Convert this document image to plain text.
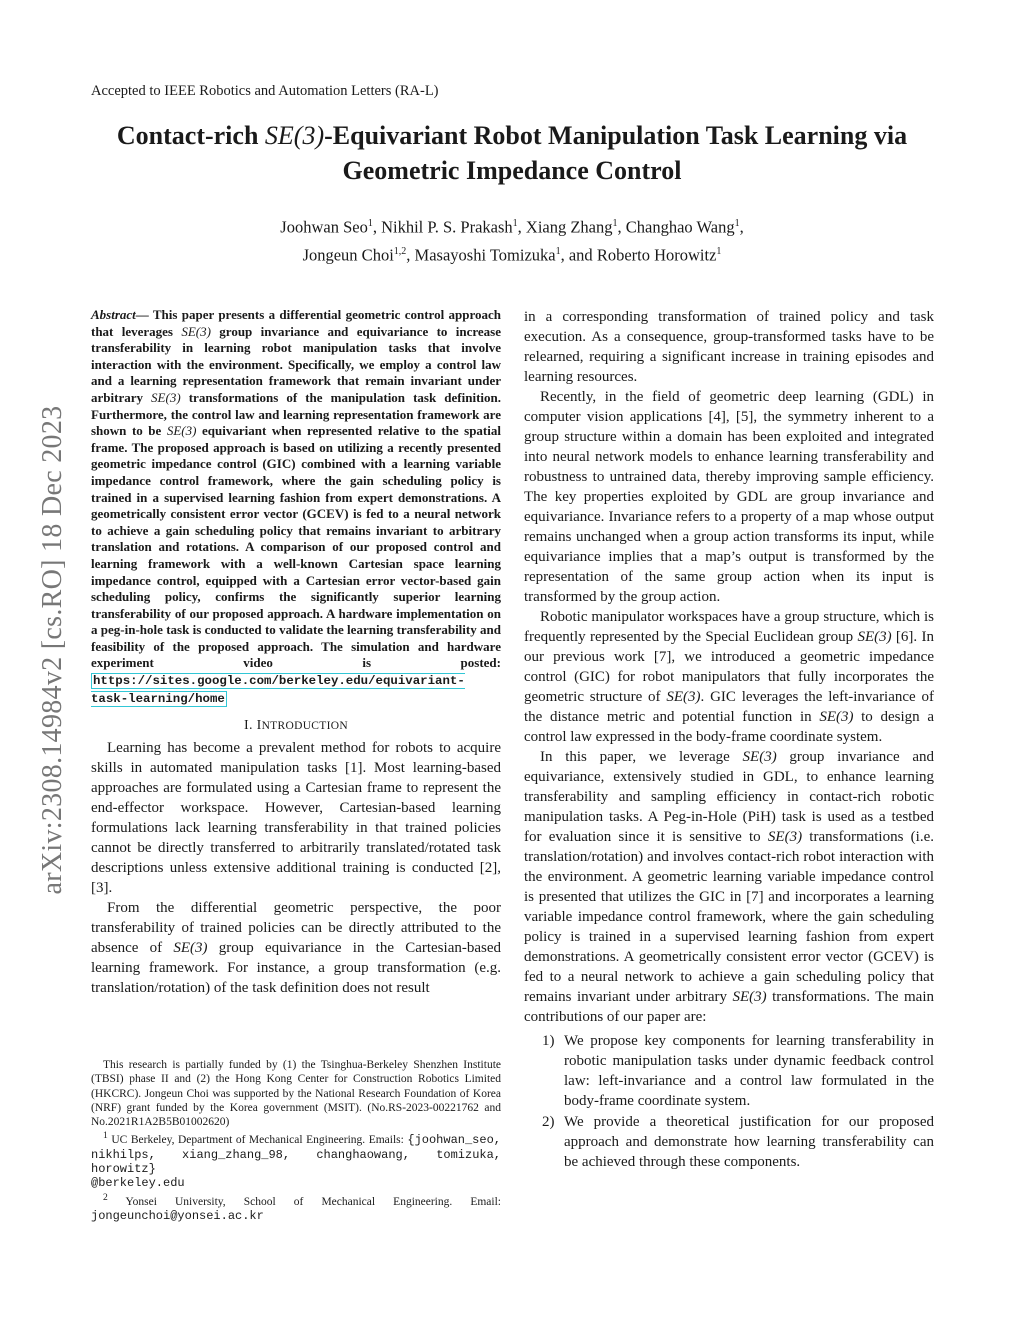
Accepted to IEEE Robotics and Automation Letters (RA-L)
Contact-rich SE(3)-Equivariant Robot Manipulation Task Learning via
Geometric Impedance Control
Joohwan Seo$^1$, Nikhil P. S. Prakash$^1$, Xiang Zhang$^1$, Changhao Wang$^1$,
Jongeun Choi$^{1,2}$, Masayoshi Tomizuka$^1$, and Roberto Horowitz$^1$
arXiv:2308.14984v2 [cs.RO] 18 Dec 2023

Abstract— This paper presents a differential geometric control approach that leverages SE(3) group invariance and equivariance to increase transferability in learning robot manipulation tasks that involve interaction with the environment. Specifically, we employ a control law and a learning representation framework that remain invariant under arbitrary SE(3) transformations of the manipulation task definition. Furthermore, the control law and learning representation framework are shown to be SE(3) equivariant when represented relative to the spatial frame. The proposed approach is based on utilizing a recently presented geometric impedance control (GIC) combined with a learning variable impedance control framework, where the gain scheduling policy is trained in a supervised learning fashion from expert demonstrations. A geometrically consistent error vector (GCEV) is fed to a neural network to achieve a gain scheduling policy that remains invariant to arbitrary translation and rotations. A comparison of our proposed control and learning framework with a well-known Cartesian space learning impedance control, equipped with a Cartesian error vector-based gain scheduling policy, confirms the significantly superior learning transferability of our proposed approach. A hardware implementation on a peg-in-hole task is conducted to validate the learning transferability and feasibility of the proposed approach. The simulation and hardware experiment video is posted: https://sites.google.com/berkeley.edu/equivariant-task-learning/home

I. INTRODUCTION

Learning has become a prevalent method for robots to acquire skills in automated manipulation tasks [1]. Most learning-based approaches are formulated using a Cartesian frame to represent the end-effector workspace. However, Cartesian-based learning formulations lack learning transferability in that trained policies cannot be directly transferred to arbitrarily translated/rotated task descriptions unless extensive additional training is conducted [2], [3].

From the differential geometric perspective, the poor transferability of trained policies can be directly attributed to the absence of SE(3) group equivariance in the Cartesian-based learning framework. For instance, a group transformation (e.g. translation/rotation) of the task definition does not result

This research is partially funded by (1) the Tsinghua-Berkeley Shenzhen Institute (TBSI) phase II and (2) the Hong Kong Center for Construction Robotics Limited (HKCRC). Jongeun Choi was supported by the National Research Foundation of Korea (NRF) grant funded by the Korea government (MSIT). (No.RS-2023-00221762 and No.2021R1A2B5B01002620)

$^1$ UC Berkeley, Department of Mechanical Engineering. Emails: {joohwan_seo, nikhilps, xiang_zhang_98, changhaowang, tomizuka, horowitz}
@berkeley.edu

$^2$ Yonsei University, School of Mechanical Engineering. Email: jongeunchoi@yonsei.ac.kr

in a corresponding transformation of trained policy and task execution. As a consequence, group-transformed tasks have to be relearned, requiring a significant increase in training episodes and learning resources.

Recently, in the field of geometric deep learning (GDL) in computer vision applications [4], [5], the symmetry inherent to a group structure within a domain has been exploited and integrated into neural network models to enhance learning transferability and robustness to untrained data, thereby improving sample efficiency. The key properties exploited by GDL are group invariance and equivariance. Invariance refers to a property of a map whose output remains unchanged when a group action transforms its input, while equivariance implies that a map’s output is transformed by the representation of the same group action when its input is transformed by the group action.

Robotic manipulator workspaces have a group structure, which is frequently represented by the Special Euclidean group SE(3) [6]. In our previous work [7], we introduced a geometric impedance control (GIC) for robot manipulators that fully incorporates the geometric structure of SE(3). GIC leverages the left-invariance of the distance metric and potential function in SE(3) to design a control law expressed in the body-frame coordinate system.

In this paper, we leverage SE(3) group invariance and equivariance, extensively studied in GDL, to enhance learning transferability and sampling efficiency in contact-rich robotic manipulation tasks. A Peg-in-Hole (PiH) task is used as a testbed for evaluation since it is sensitive to SE(3) transformations (i.e. translation/rotation) and involves contact-rich robot interaction with the environment. A geometric learning variable impedance control is presented that utilizes the GIC in [7] and incorporates a learning variable impedance control framework, where the gain scheduling policy is trained in a supervised learning fashion from expert demonstrations. A geometrically consistent error vector (GCEV) is fed to a neural network to achieve a gain scheduling policy that remains invariant under arbitrary SE(3) transformations. The main contributions of our paper are:

1) We propose key components for learning transferability in robotic manipulation tasks under dynamic feedback control law: left-invariance and a control law formulated in the body-frame coordinate system.
2) We provide a theoretical justification for our proposed approach and demonstrate how learning transferability can be achieved through these components.
